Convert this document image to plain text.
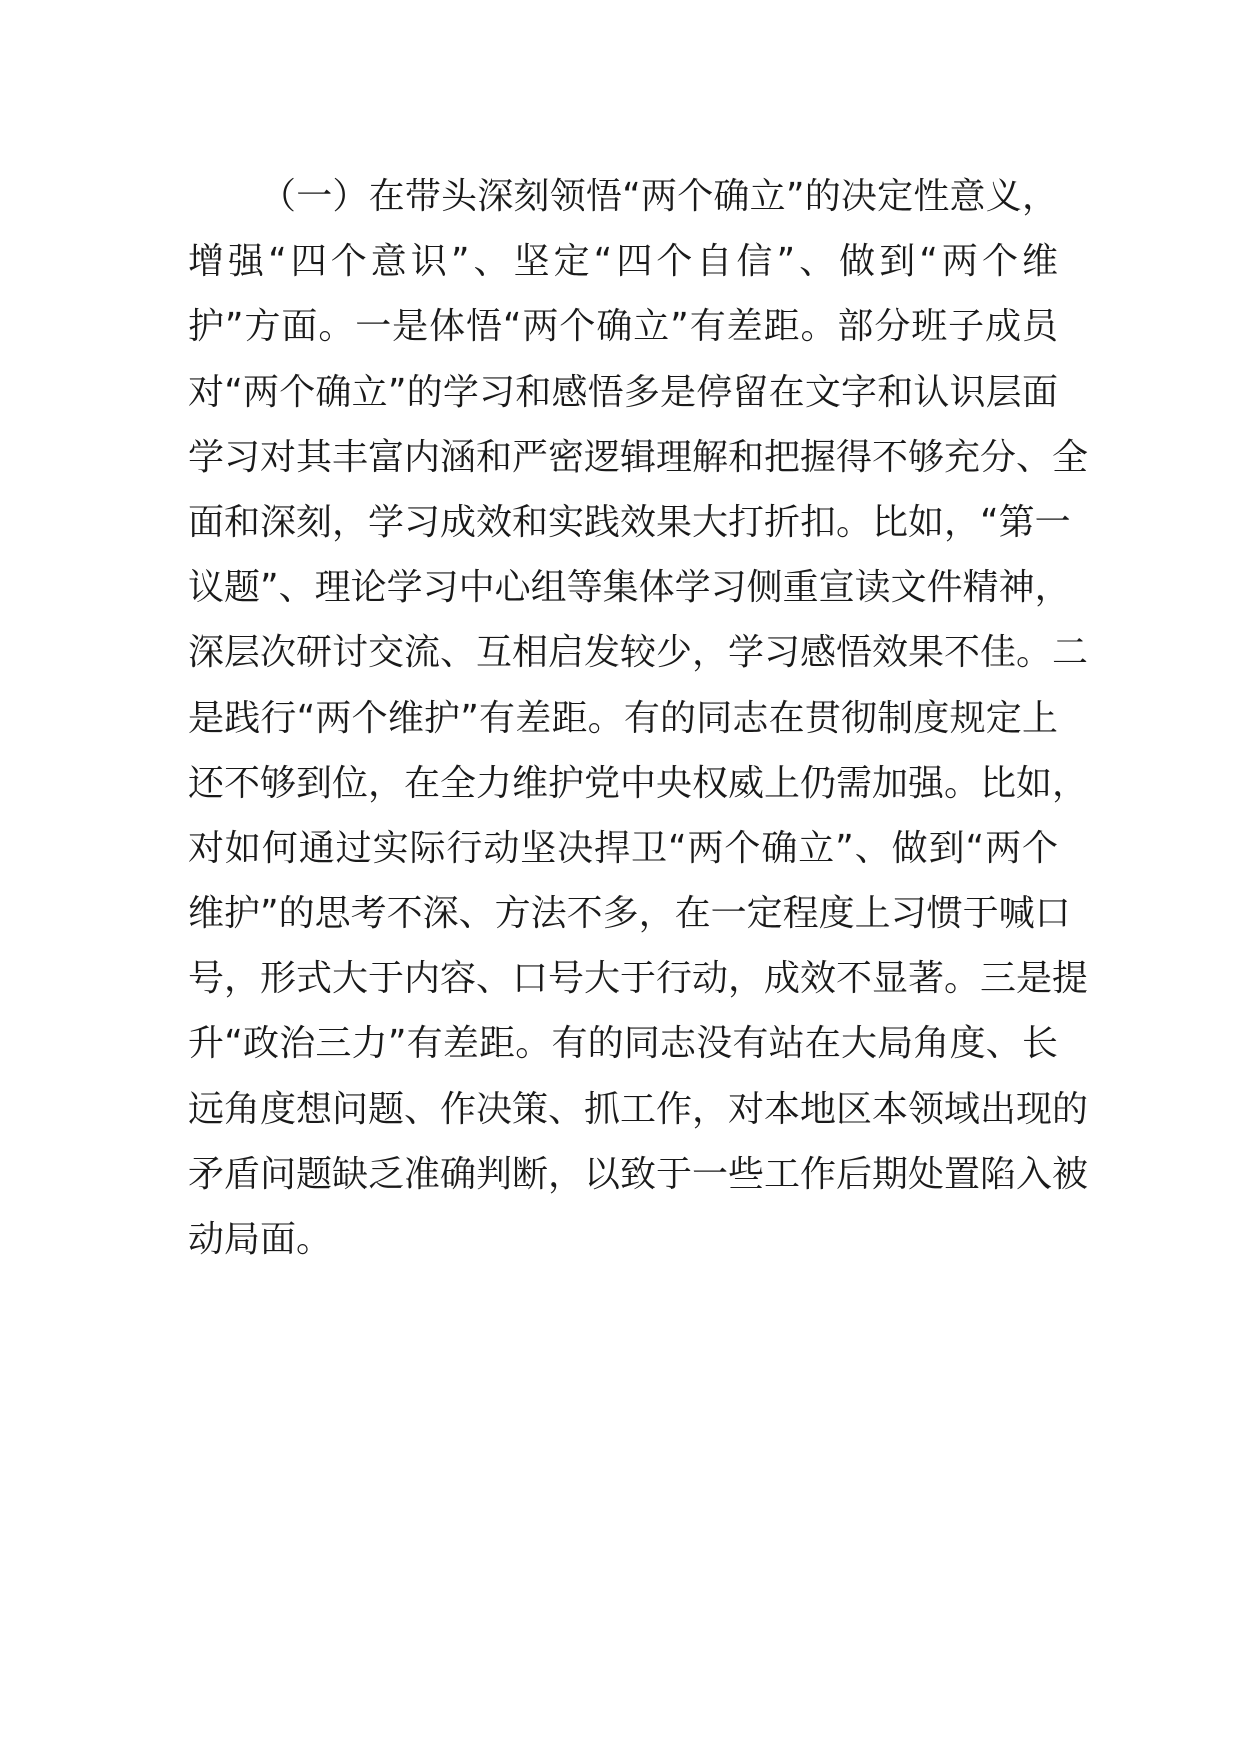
（一）在带头深刻领悟“两个确立”的决定性意义，
增强“四个意识”、坚定“四个自信”、做到“两个维
护”方面。一是体悟“两个确立”有差距。部分班子成员
对“两个确立”的学习和感悟多是停留在文字和认识层面
学习对其丰富内涵和严密逻辑理解和把握得不够充分、全
面和深刻，学习成效和实践效果大打折扣。比如，“第一
议题”、理论学习中心组等集体学习侧重宣读文件精神，
深层次研讨交流、互相启发较少，学习感悟效果不佳。二
是践行“两个维护”有差距。有的同志在贯彻制度规定上
还不够到位，在全力维护党中央权威上仍需加强。比如，
对如何通过实际行动坚决捍卫“两个确立”、做到“两个
维护”的思考不深、方法不多，在一定程度上习惯于喊口
号，形式大于内容、口号大于行动，成效不显著。三是提
升“政治三力”有差距。有的同志没有站在大局角度、长
远角度想问题、作决策、抓工作，对本地区本领域出现的
矛盾问题缺乏准确判断，以致于一些工作后期处置陷入被
动局面。
